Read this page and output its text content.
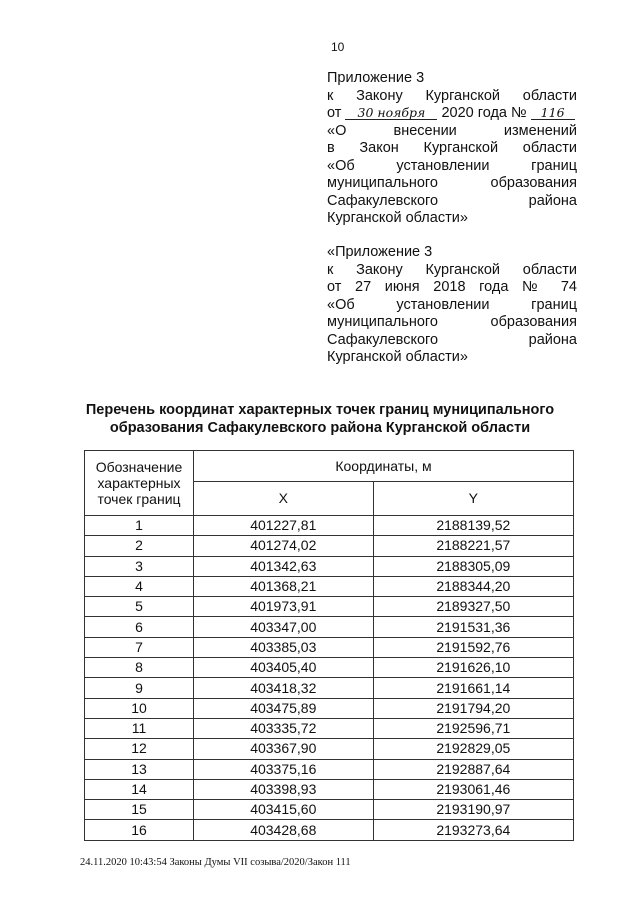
10
Приложение 3
к Закону Курганской области
от 30 ноября 2020 года № 116
«О внесении изменений
в Закон Курганской области
«Об установлении границ
муниципального образования
Сафакулевского района
Курганской области»
«Приложение 3
к Закону Курганской области
от 27 июня 2018 года № 74
«Об установлении границ
муниципального образования
Сафакулевского района
Курганской области»
Перечень координат характерных точек границ муниципального
образования Сафакулевского района Курганской области
Обозначение характерных точек границ	Координаты, м	
	X	Y
1	401227,81	2188139,52
2	401274,02	2188221,57
3	401342,63	2188305,09
4	401368,21	2188344,20
5	401973,91	2189327,50
6	403347,00	2191531,36
7	403385,03	2191592,76
8	403405,40	2191626,10
9	403418,32	2191661,14
10	403475,89	2191794,20
11	403335,72	2192596,71
12	403367,90	2192829,05
13	403375,16	2192887,64
14	403398,93	2193061,46
15	403415,60	2193190,97
16	403428,68	2193273,64
24.11.2020 10:43:54 Законы Думы VII созыва/2020/Закон 111
